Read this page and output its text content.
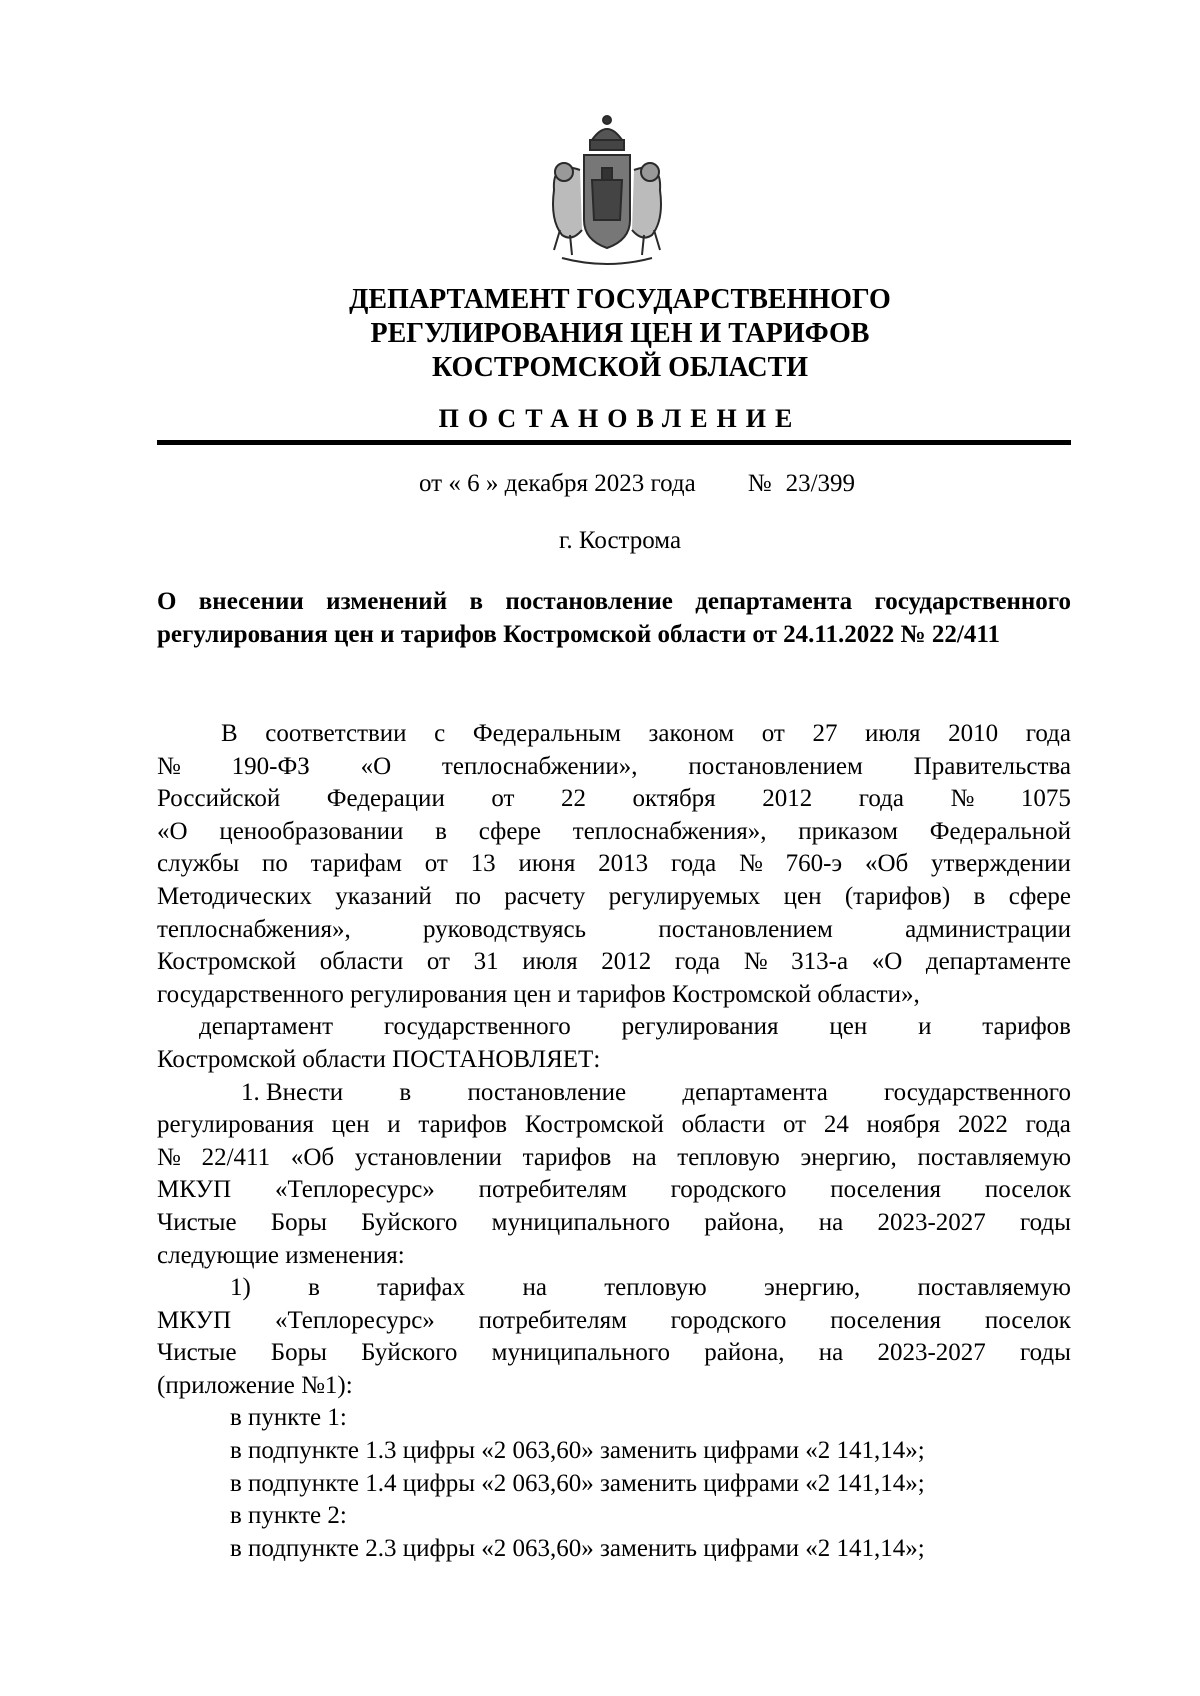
ДЕПАРТАМЕНТ ГОСУДАРСТВЕННОГО
РЕГУЛИРОВАНИЯ ЦЕН И ТАРИФОВ
КОСТРОМСКОЙ ОБЛАСТИ
ПОСТАНОВЛЕНИЕ
от « 6 » декабря 2023 года № 23/399
г. Кострома
О внесении изменений в постановление департамента государственного
регулирования цен и тарифов Костромской области от 24.11.2022 № 22/411
В соответствии с Федеральным законом от 27 июля 2010 года
№ 190-ФЗ «О теплоснабжении», постановлением Правительства
Российской Федерации от 22 октября 2012 года № 1075
«О ценообразовании в сфере теплоснабжения», приказом Федеральной
службы по тарифам от 13 июня 2013 года № 760-э «Об утверждении
Методических указаний по расчету регулируемых цен (тарифов) в сфере
теплоснабжения»,	руководствуясь	постановлением	администрации
Костромской области от 31 июля 2012 года № 313-а «О департаменте
государственного регулирования цен и тарифов Костромской области»,
департамент государственного регулирования цен и тарифов
Костромской области ПОСТАНОВЛЯЕТ:
1. Внести в постановление департамента государственного
регулирования цен и тарифов Костромской области от 24 ноября 2022 года
№ 22/411 «Об установлении тарифов на тепловую энергию, поставляемую
МКУП «Теплоресурс» потребителям городского поселения поселок
Чистые Боры Буйского муниципального района, на 2023-2027 годы
следующие изменения:
1) в тарифах на тепловую энергию, поставляемую
МКУП «Теплоресурс» потребителям городского поселения поселок
Чистые Боры Буйского муниципального района, на 2023-2027 годы
(приложение №1):
в пункте 1:
в подпункте 1.3 цифры «2 063,60» заменить цифрами «2 141,14»;
в подпункте 1.4 цифры «2 063,60» заменить цифрами «2 141,14»;
в пункте 2:
в подпункте 2.3 цифры «2 063,60» заменить цифрами «2 141,14»;
